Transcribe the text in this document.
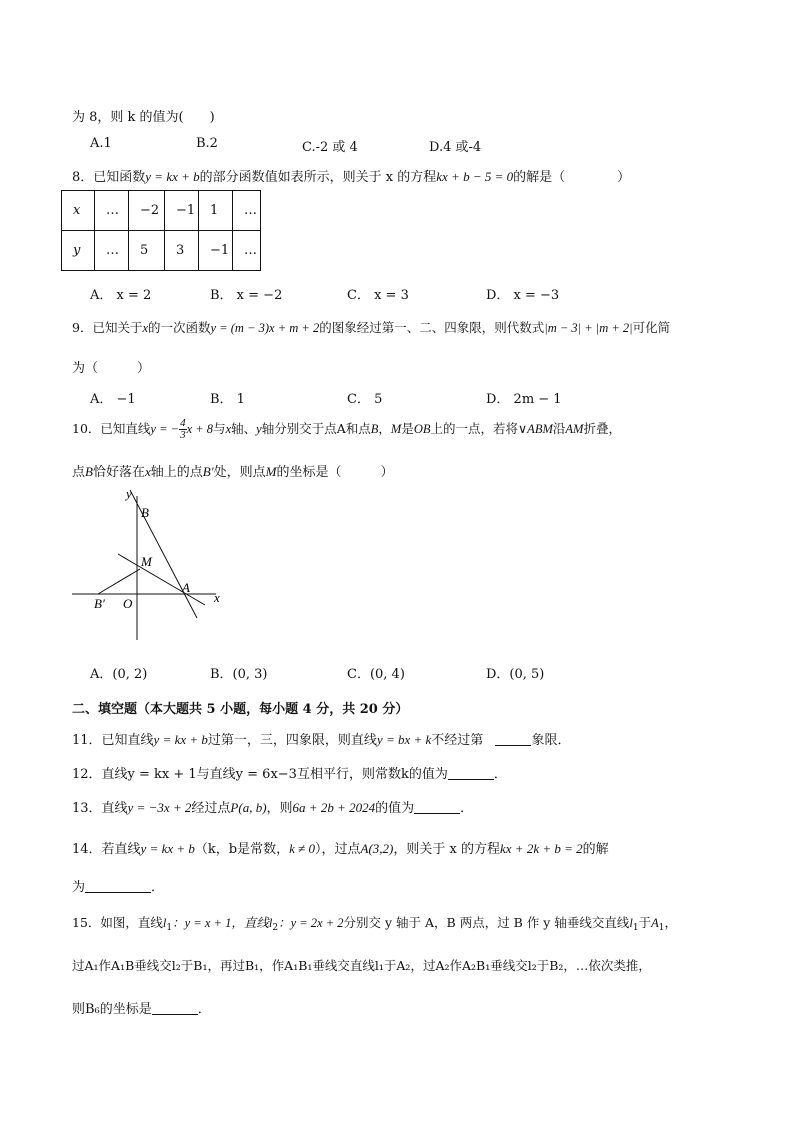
为 8，则 k 的值为(　　)
A.1	B.2	C.-2 或 4	D.4 或-4
8．已知函数y = kx + b的部分函数值如表所示，则关于 x 的方程kx + b − 5 = 0的解是（　　　　）
x	…	−2	−1	1	…
y	…	5	3	−1	…
A． x = 2	B． x = −2	C． x = 3	D． x = −3
9．已知关于x的一次函数y = (m − 3)x + m + 2的图象经过第一、二、四象限，则代数式|m − 3| + |m + 2|可化简
为（　　　）
A． −1	B． 1	C． 5	D． 2m − 1
10．已知直线y = − $\frac{4}{3}$ x + 8与x轴、y轴分别交于点A和点B，M是OB上的一点，若将∨ABM沿AM折叠，
点B恰好落在x轴上的点B′处，则点M的坐标是（　　　）
y
B
M
A
B′ O	x
A．(0, 2)	B．(0, 3)	C．(0, 4)	D．(0, 5)
二、填空题（本大题共 5 小题，每小题 4 分，共 20 分）
11．已知直线y = kx + b过第一，三，四象限，则直线y = bx + k不经过第	象限．
12．直线y = kx + 1与直线y = 6x−3互相平行，则常数k的值为	．
13．直线y = −3x + 2经过点P(a, b)，则6a + 2b + 2024的值为	．
14．若直线y = kx + b（k，b是常数，k ≠ 0），过点A(3,2)，则关于 x 的方程kx + 2k + b = 2的解
为	．
15．如图，直线$l_1$：y = x + 1，直线$l_2$：y = 2x + 2分别交 y 轴于 A，B 两点，过 B 作 y 轴垂线交直线$l_1$于$A_1$，
过A₁作A₁B垂线交l₂于B₁，再过B₁，作A₁B₁垂线交直线l₁于A₂，过A₂作A₂B₁垂线交l₂于B₂，…依次类推，
则B₆的坐标是	．
